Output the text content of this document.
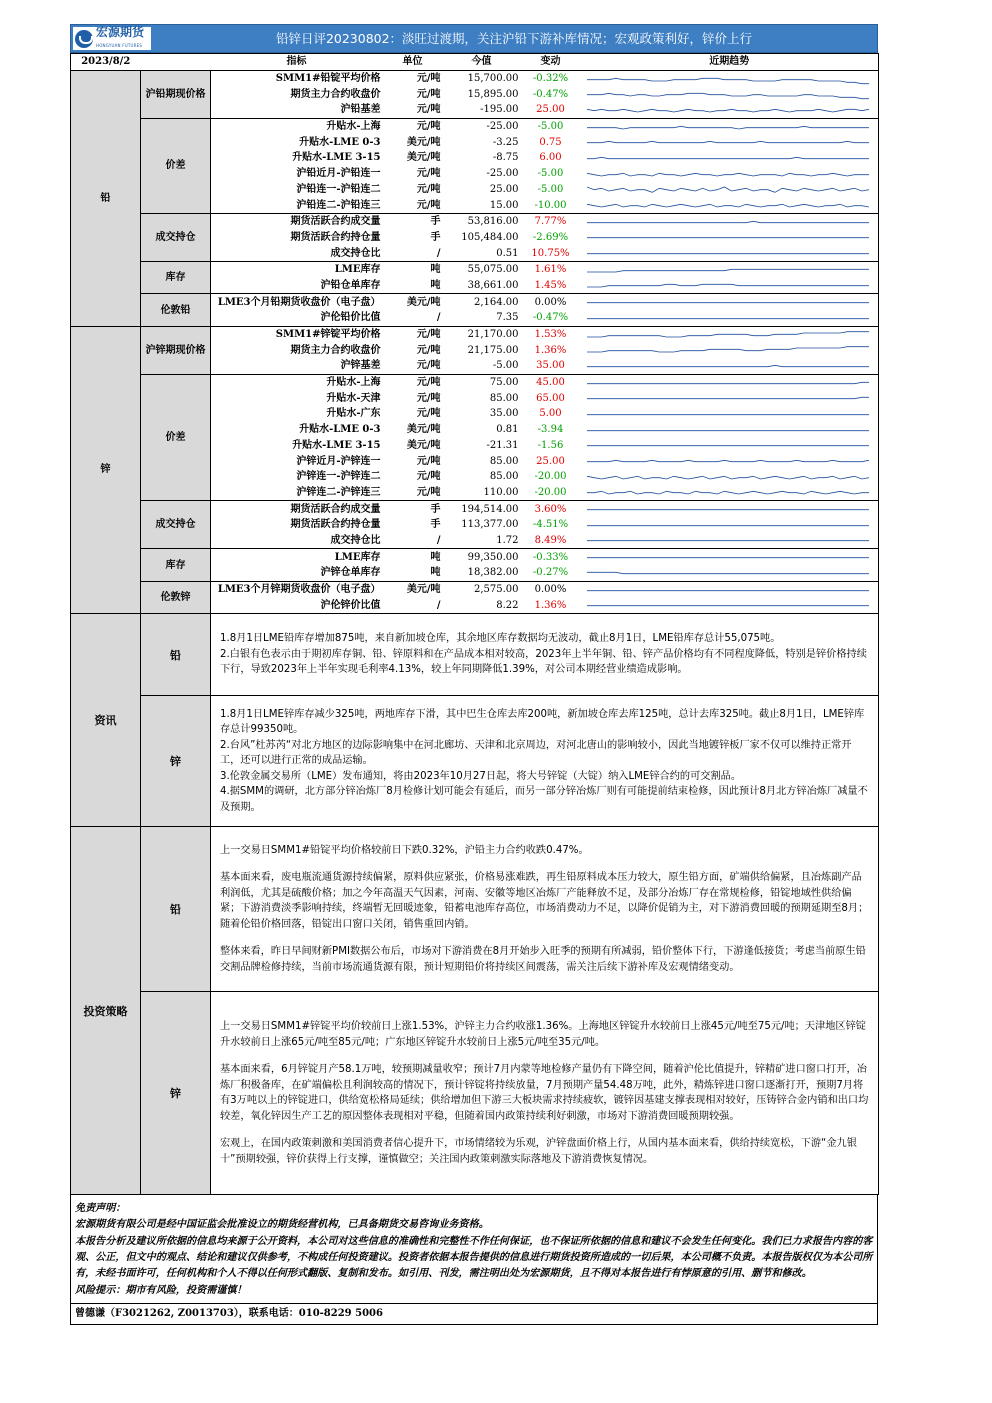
宏源期货
HONGYUAN FUTURES	铅锌日评20230802：淡旺过渡期，关注沪铅下游补库情况；宏观政策利好，锌价上行
2023/8/2		指标	单位	今值	变动	近期趋势
铅	沪铅期现价格	SMM1#铅锭平均价格	元/吨	15,700.00	-0.32%	

		期货主力合约收盘价	元/吨	15,895.00	-0.47%	

		沪铅基差	元/吨	-195.00	25.00	

	价差	升贴水-上海	元/吨	-25.00	-5.00	

		升贴水-LME 0-3	美元/吨	-3.25	0.75	

		升贴水-LME 3-15	美元/吨	-8.75	6.00	

		沪铅近月-沪铅连一	元/吨	-25.00	-5.00	

		沪铅连一-沪铅连二	元/吨	25.00	-5.00	

		沪铅连二-沪铅连三	元/吨	15.00	-10.00	

	成交持仓	期货活跃合约成交量	手	53,816.00	7.77%	

		期货活跃合约持仓量	手	105,484.00	-2.69%	

		成交持仓比	/	0.51	10.75%	

	库存	LME库存	吨	55,075.00	1.61%	

		沪铅仓单库存	吨	38,661.00	1.45%	

	伦敦铅	LME3个月铅期货收盘价（电子盘）	美元/吨	2,164.00	0.00%	

		沪伦铅价比值	/	7.35	-0.47%	

锌	沪锌期现价格	SMM1#锌锭平均价格	元/吨	21,170.00	1.53%	

		期货主力合约收盘价	元/吨	21,175.00	1.36%	

		沪锌基差	元/吨	-5.00	35.00	

	价差	升贴水-上海	元/吨	75.00	45.00	

		升贴水-天津	元/吨	85.00	65.00	

		升贴水-广东	元/吨	35.00	5.00	

		升贴水-LME 0-3	美元/吨	0.81	-3.94	

		升贴水-LME 3-15	美元/吨	-21.31	-1.56	

		沪锌近月-沪锌连一	元/吨	85.00	25.00	

		沪锌连一-沪锌连二	元/吨	85.00	-20.00	

		沪锌连二-沪锌连三	元/吨	110.00	-20.00	

	成交持仓	期货活跃合约成交量	手	194,514.00	3.60%	

		期货活跃合约持仓量	手	113,377.00	-4.51%	

		成交持仓比	/	1.72	8.49%	

	库存	LME库存	吨	99,350.00	-0.33%	

		沪锌仓单库存	吨	18,382.00	-0.27%	

	伦敦锌	LME3个月锌期货收盘价（电子盘）	美元/吨	2,575.00	0.00%	

		沪伦锌价比值	/	8.22	1.36%	
资讯	铅	1.8月1日LME铅库存增加875吨，来自新加坡仓库，其余地区库存数据均无波动，截止8月1日，LME铅库存总计55,075吨。

2.白银有色表示由于期初库存铜、铅、锌原料和在产品成本相对较高，2023年上半年铜、铅、锌产品价格均有不同程度降低，特别是锌价格持续下行，导致2023年上半年实现毛利率4.13%，较上年同期降低1.39%，对公司本期经营业绩造成影响。

	锌	1.8月1日LME锌库存减少325吨，两地库存下滑，其中巴生仓库去库200吨，新加坡仓库去库125吨，总计去库325吨。截止8月1日，LME锌库存总计99350吨。

2.台风”杜苏芮“对北方地区的边际影响集中在河北廊坊、天津和北京周边，对河北唐山的影响较小，因此当地镀锌板厂家不仅可以维持正常开工，还可以进行正常的成品运输。

3.伦敦金属交易所（LME）发布通知，将由2023年10月27日起，将大号锌锭（大锭）纳入LME锌合约的可交割品。

4.据SMM的调研，北方部分锌冶炼厂8月检修计划可能会有延后，而另一部分锌冶炼厂则有可能提前结束检修，因此预计8月北方锌冶炼厂减量不及预期。

投资策略	铅	上一交易日SMM1#铅锭平均价格较前日下跌0.32%，沪铅主力合约收跌0.47%。

基本面来看，废电瓶流通货源持续偏紧，原料供应紧张，价格易涨难跌，再生铅原料成本压力较大，原生铅方面，矿端供给偏紧，且冶炼副产品利润低，尤其是硫酸价格；加之今年高温天气因素，河南、安徽等地区冶炼厂产能释放不足，及部分冶炼厂存在常规检修，铅锭地域性供给偏紧；下游消费淡季影响持续，终端暂无回暖迹象，铅蓄电池库存高位，市场消费动力不足，以降价促销为主，对下游消费回暖的预期延期至8月；随着伦铅价格回落，铅锭出口窗口关闭，销售重回内销。

整体来看，昨日早间财新PMI数据公布后，市场对下游消费在8月开始步入旺季的预期有所减弱，铅价整体下行，下游逢低接货；考虑当前原生铅交割品牌检修持续，当前市场流通货源有限，预计短期铅价将持续区间震荡，需关注后续下游补库及宏观情绪变动。

	锌	上一交易日SMM1#锌锭平均价较前日上涨1.53%，沪锌主力合约收涨1.36%。上海地区锌锭升水较前日上涨45元/吨至75元/吨；天津地区锌锭升水较前日上涨65元/吨至85元/吨；广东地区锌锭升水较前日上涨5元/吨至35元/吨。

基本面来看，6月锌锭月产58.1万吨，较预期减量收窄；预计7月内蒙等地检修产量仍有下降空间，随着沪伦比值提升，锌精矿进口窗口打开，冶炼厂积极备库，在矿端偏松且利润较高的情况下，预计锌锭将持续放量，7月预期产量54.48万吨，此外，精炼锌进口窗口逐渐打开，预期7月将有3万吨以上的锌锭进口，供给宽松格局延续；供给增加但下游三大板块需求持续疲软，镀锌因基建支撑表现相对较好，压铸锌合金内销和出口均较差，氧化锌因生产工艺的原因整体表现相对平稳，但随着国内政策持续利好刺激，市场对下游消费回暖预期较强。

宏观上，在国内政策刺激和美国消费者信心提升下，市场情绪较为乐观，沪锌盘面价格上行，从国内基本面来看，供给持续宽松，下游“金九银十”预期较强，锌价获得上行支撑，谨慎做空；关注国内政策刺激实际落地及下游消费恢复情况。

免责声明：

宏源期货有限公司是经中国证监会批准设立的期货经营机构，已具备期货交易咨询业务资格。

本报告分析及建议所依据的信息均来源于公开资料，本公司对这些信息的准确性和完整性不作任何保证，也不保证所依据的信息和建议不会发生任何变化。我们已力求报告内容的客观、公正，但文中的观点、结论和建议仅供参考，不构成任何投资建议。投资者依据本报告提供的信息进行期货投资所造成的一切后果，本公司概不负责。本报告版权仅为本公司所有，未经书面许可，任何机构和个人不得以任何形式翻版、复制和发布。如引用、刊发，需注明出处为宏源期货，且不得对本报告进行有悖原意的引用、删节和修改。

风险提示：期市有风险，投资需谨慎！

曾德谦（F3021262, Z0013703），联系电话：010-8229 5006
